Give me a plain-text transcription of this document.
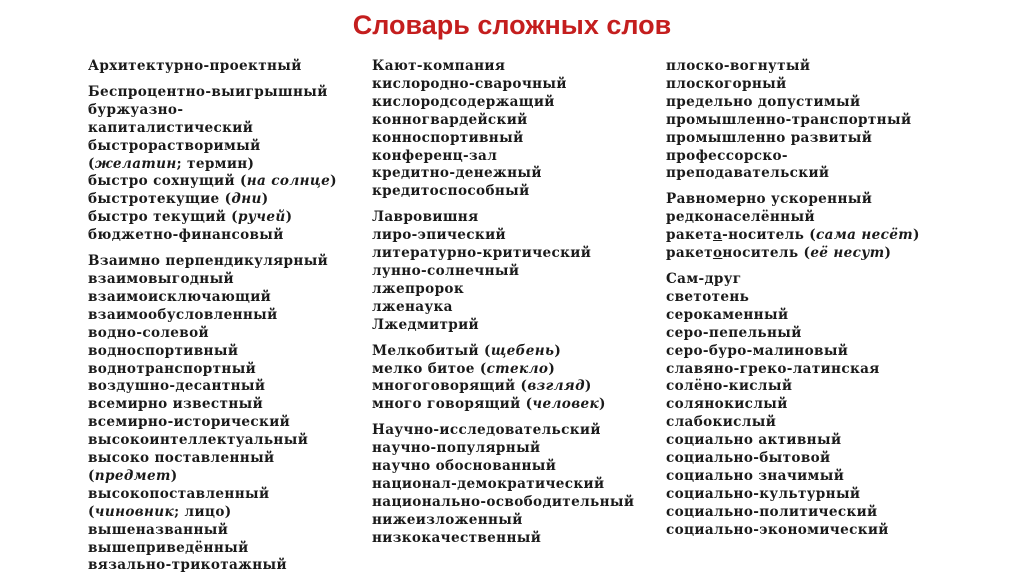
Словарь сложных слов
Архитектурно-проектный
Беспроцентно-выигрышный
буржуазно-
капиталистический
быстрорастворимый
(желатин; термин)
быстро сохнущий (на солнце)
быстротекущие (дни)
быстро текущий (ручей)
бюджетно-финансовый
Взаимно перпендикулярный
взаимовыгодный
взаимоисключающий
взаимообусловленный
водно-солевой
водноспортивный
воднотранспортный
воздушно-десантный
всемирно известный
всемирно-исторический
высокоинтеллектуальный
высоко поставленный
(предмет)
высокопоставленный
(чиновник; лицо)
вышеназванный
вышеприведённый
вязально-трикотажный
Кают-компания
кислородно-сварочный
кислородсодержащий
конногвардейский
конноспортивный
конференц-зал
кредитно-денежный
кредитоспособный
Лавровишня
лиро-эпический
литературно-критический
лунно-солнечный
лжепророк
лженаука
Лжедмитрий
Мелкобитый (щебень)
мелко битое (стекло)
многоговорящий (взгляд)
много говорящий (человек)
Научно-исследовательский
научно-популярный
научно обоснованный
национал-демократический
национально-освободительный
нижеизложенный
низкокачественный
плоско-вогнутый
плоскогорный
предельно допустимый
промышленно-транспортный
промышленно развитый
профессорско-
преподавательский
Равномерно ускоренный
редконаселённый
ракета-носитель (сама несёт)
ракетоноситель (её несут)
Сам-друг
светотень
серокаменный
серо-пепельный
серо-буро-малиновый
славяно-греко-латинская
солёно-кислый
солянокислый
слабокислый
социально активный
социально-бытовой
социально значимый
социально-культурный
социально-политический
социально-экономический
